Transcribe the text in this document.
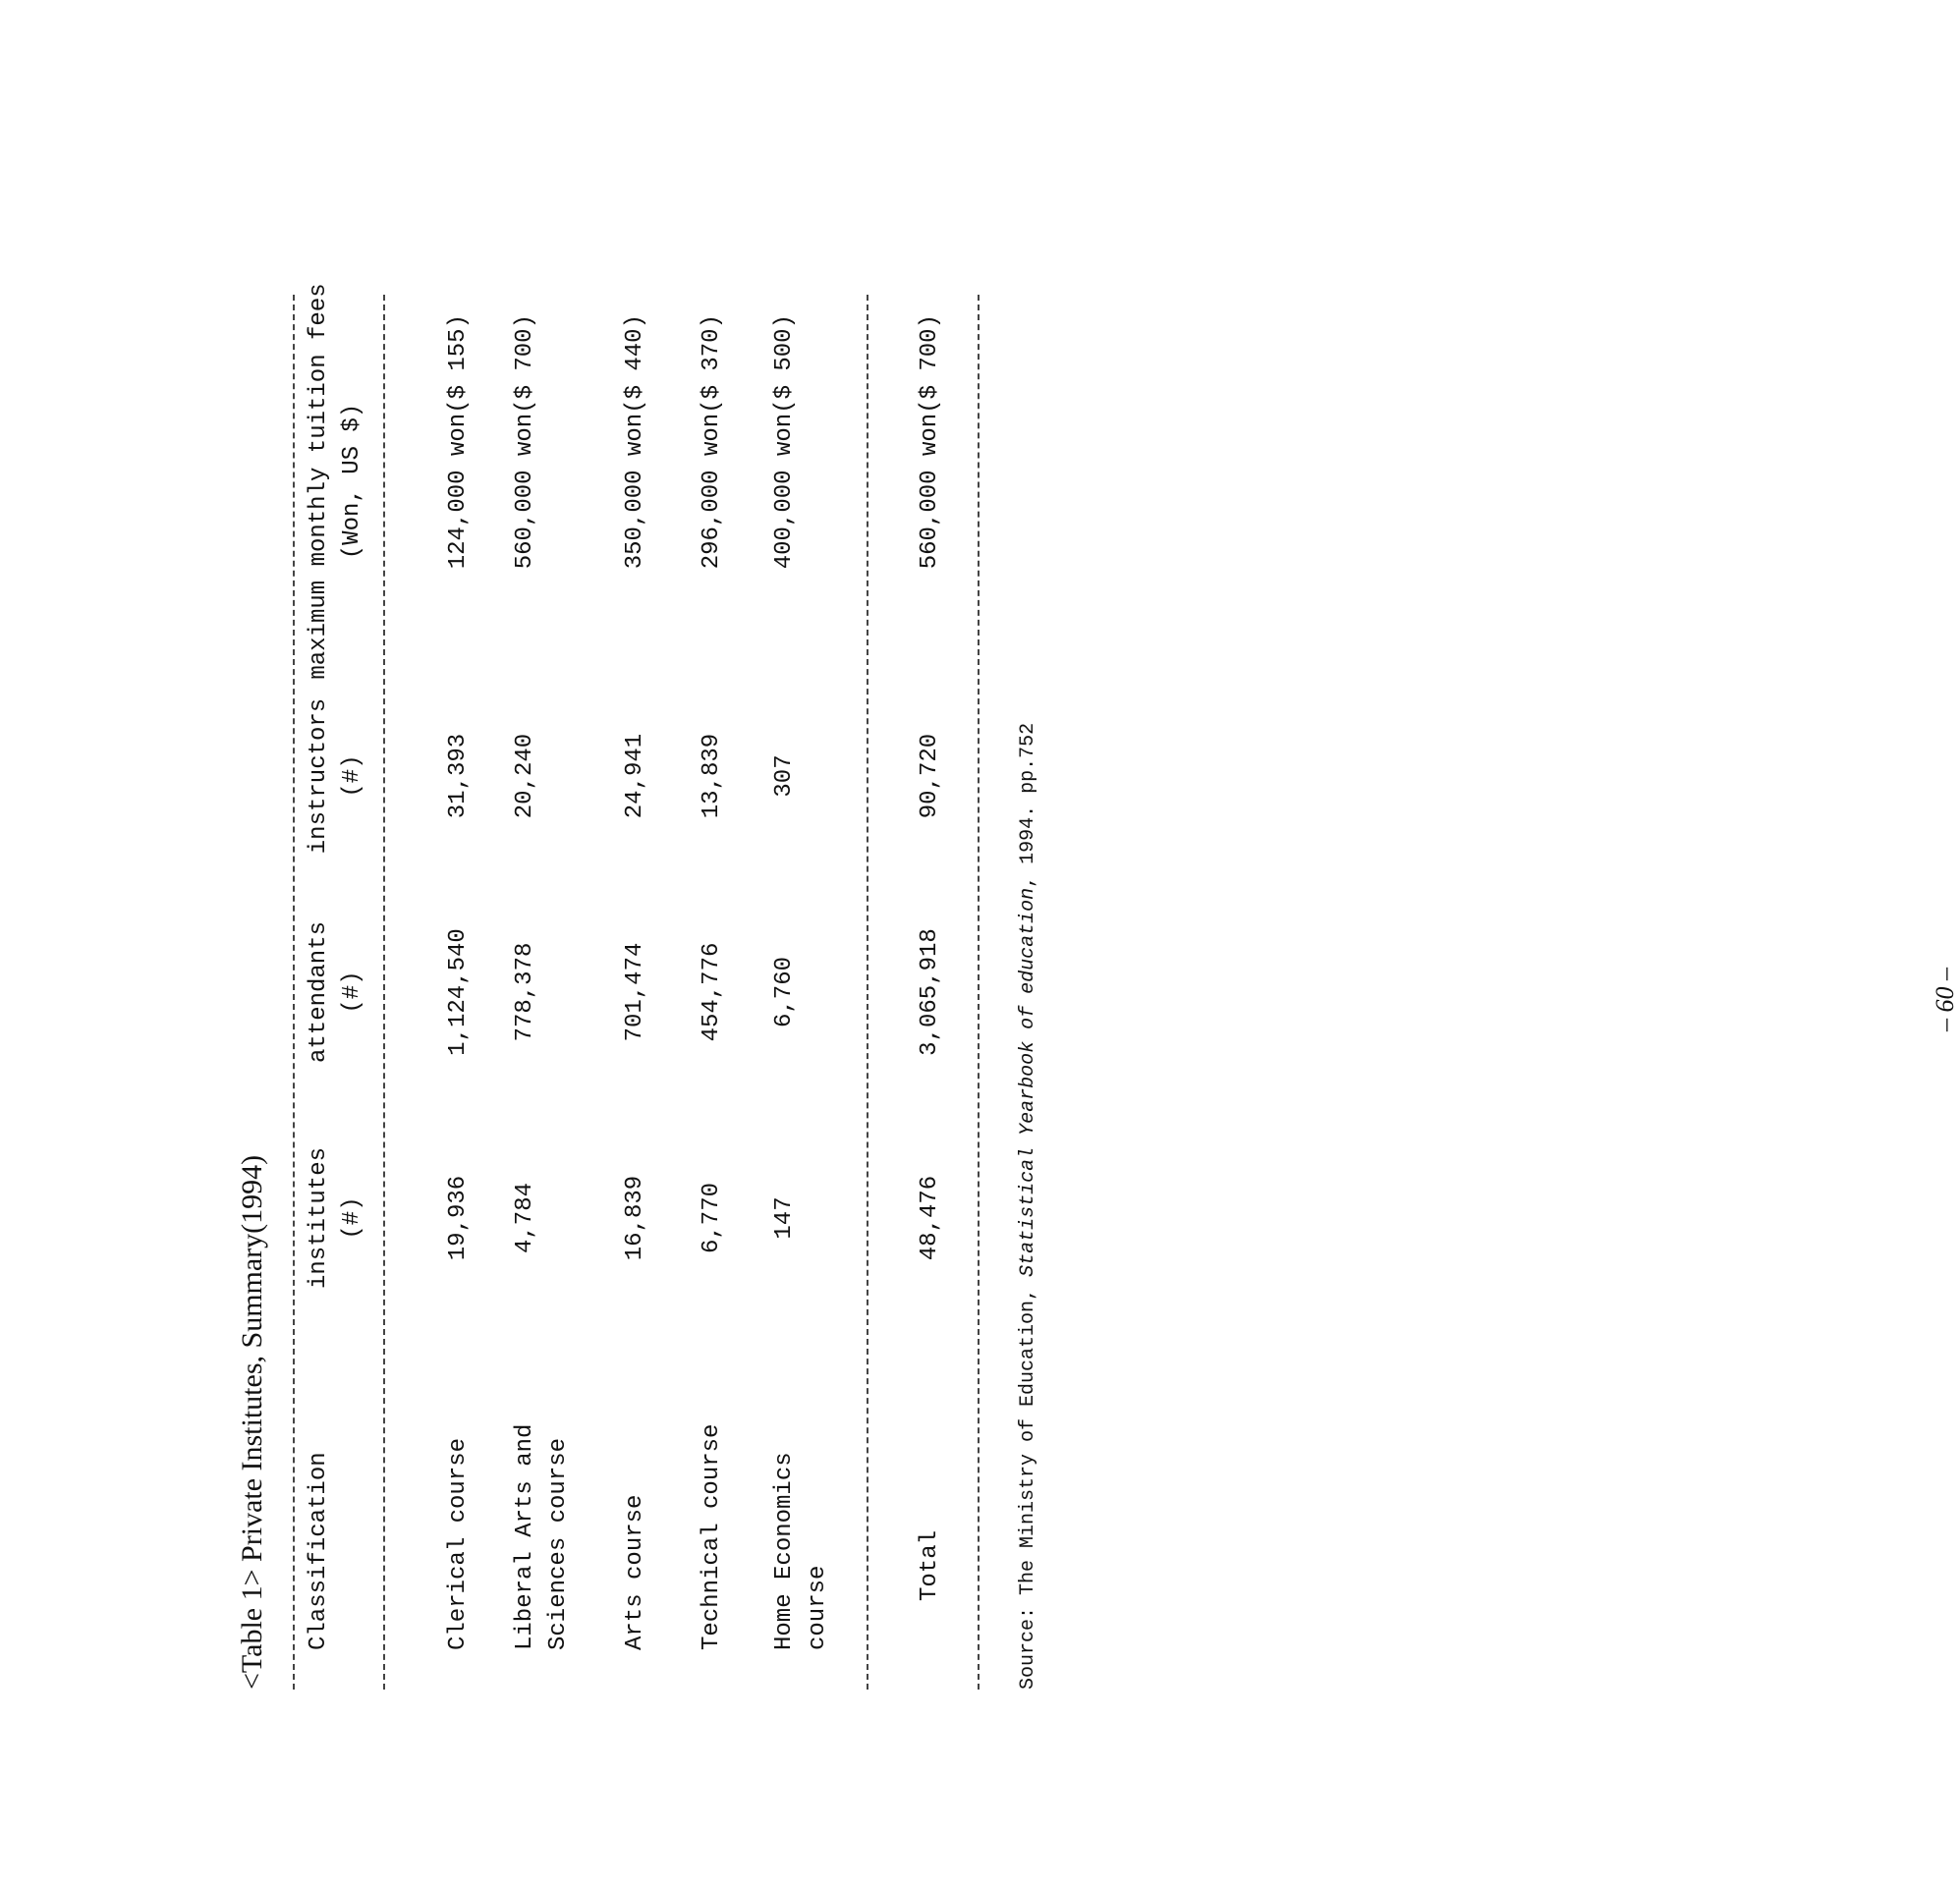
<Table 1> Private Institutes, Summary(1994) Classification
institutes (#)
attendants (#)
instructors (#)
maximum monthly tuition fees (Won, US $)
Clerical course
19,936
1,124,540
31,393
124,000 won($ 155)
Liberal Arts and Sciences course
4,784
778,378
20,240
560,000 won($ 700)
Arts course
16,839
701,474
24,941
350,000 won($ 440)
Technical course
6,770
454,776
13,839
296,000 won($ 370)
Home Economics course
147
6,760
307
400,000 won($ 500)
Total
48,476
3,065,918
90,720
560,000 won($ 700)
Source: The Ministry of Education, Statistical Yearbook of education, 1994. pp.752
– 60 –
